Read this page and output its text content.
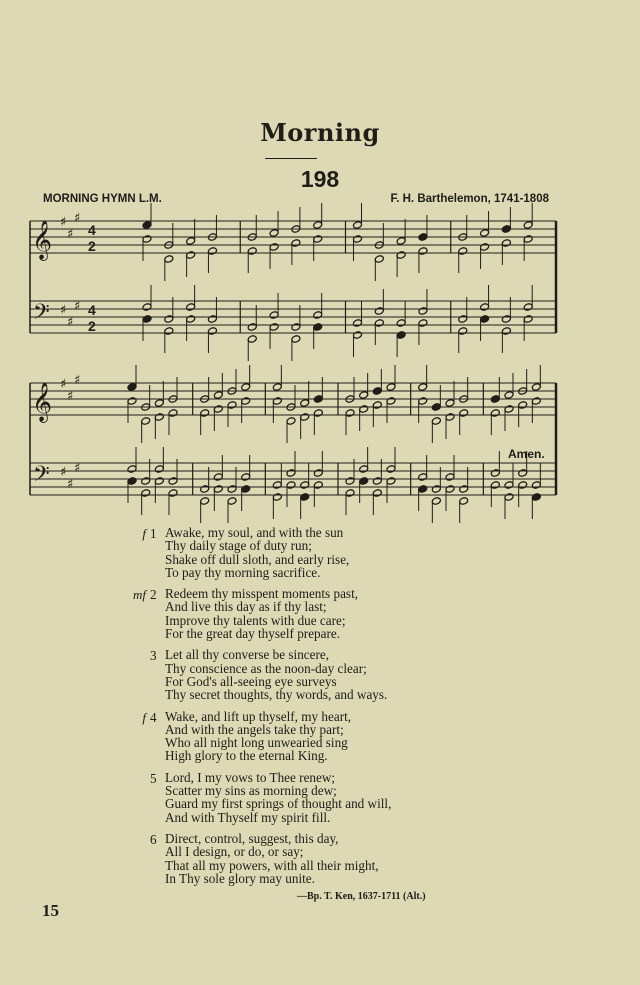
Morning
198
MORNING HYMN L.M.	F. H. Barthelemon, 1741-1808
𝄞
𝄢
♯
♯
♯
♯
♯
♯
4
2
4
2
𝄞
𝄢
♯
♯
♯
♯
♯
♯
Amen.
f 1 Awake, my soul, and with the sun
Thy daily stage of duty run;
Shake off dull sloth, and early rise,
To pay thy morning sacrifice.
mf 2 Redeem thy misspent moments past,
And live this day as if thy last;
Improve thy talents with due care;
For the great day thyself prepare.
3 Let all thy converse be sincere,
Thy conscience as the noon-day clear;
For God's all-seeing eye surveys
Thy secret thoughts, thy words, and ways.
f 4 Wake, and lift up thyself, my heart,
And with the angels take thy part;
Who all night long unwearied sing
High glory to the eternal King.
5 Lord, I my vows to Thee renew;
Scatter my sins as morning dew;
Guard my first springs of thought and will,
And with Thyself my spirit fill.
6 Direct, control, suggest, this day,
All I design, or do, or say;
That all my powers, with all their might,
In Thy sole glory may unite.
—Bp. T. Ken, 1637-1711 (Alt.)
15
